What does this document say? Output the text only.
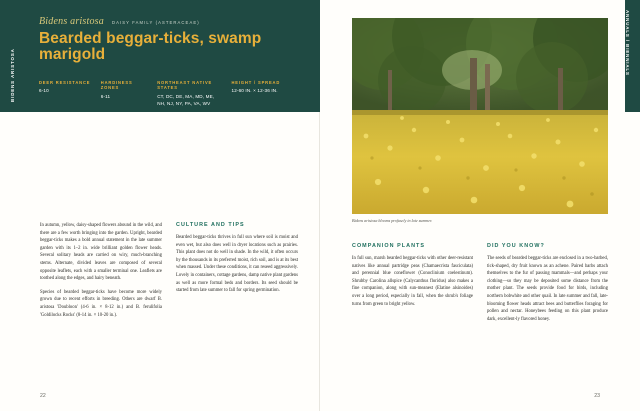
BIDENS ARISTOSA
Bidens aristosa DAISY FAMILY (ASTERACEAE)
Bearded beggar-ticks, swamp marigold
DEER RESISTANCE
6-10
HARDINESS ZONES
6-11
NORTHEAST NATIVE STATES
CT, DC, DE, MA, MD, ME, NH, NJ, NY, PA, VA, WV
HEIGHT / SPREAD
12-60 IN. × 12-36 IN.

In autumn, yellow, daisy-shaped flowers abound in the wild, and there are a few worth bringing into the garden. Upright, bearded beggar-ticks makes a bold annual statement in the late summer garden with its 1–2 in. wide brilliant golden flower heads. Several solitary heads are carried on wiry, much-branching stems. Alternate, divided leaves are composed of several opposite leaflets, each with a smaller terminal one. Leaflets are toothed along the edges, and hairy beneath.

Species of bearded beggar-ticks have become more widely grown due to recent efforts in breeding. Others are dwarf B. aristosa 'Doubloon' (4-6 in. × 8-12 in.) and B. ferulifolia 'Goldilocks Rocks' (8-14 in. × 10-20 in.).

CULTURE AND TIPS

Bearded beggar-ticks thrives in full sun where soil is moist and even wet, but also does well in dryer locations such as prairies. This plant does not do well in shade. In the wild, it often occurs by the thousands in its preferred moist, rich soil, and is at its best when massed. Under these conditions, it can reseed aggressively. Lovely in containers, cottage gardens, damp native plant gardens as well as more formal beds and borders. Its seed should be started from late summer to fall for spring germination.

22
ANNUALS / BIENNIALS
Bidens aristosa blooms profusely in late summer.
COMPANION PLANTS

In full sun, marsh bearded beggar-ticks with other deer-resistant natives like annual partridge peas (Chamaecrista fasciculata) and perennial blue coneflower (Conoclinium coelestinum). Shrubby Carolina allspice (Calycanthus floridus) also makes a fine companion, along with sun-meanest (Elatine alsinoides) over a long period, especially in fall, when the shrub's foliage turns from green to bright yellow.

DID YOU KNOW?

The seeds of bearded beggar-ticks are enclosed in a two-barbed, tick-shaped, dry fruit known as an achene. Paired barbs attach themselves to the fur of passing mammals—and perhaps your clothing—so they may be deposited some distance from the mother plant. The seeds provide food for birds, including northern bobwhite and other quail. In late summer and fall, late-blooming flower heads attract bees and butterflies foraging for pollen and nectar. Honeybees feeding on this plant produce dark, excellent-ly flavored honey.

23
